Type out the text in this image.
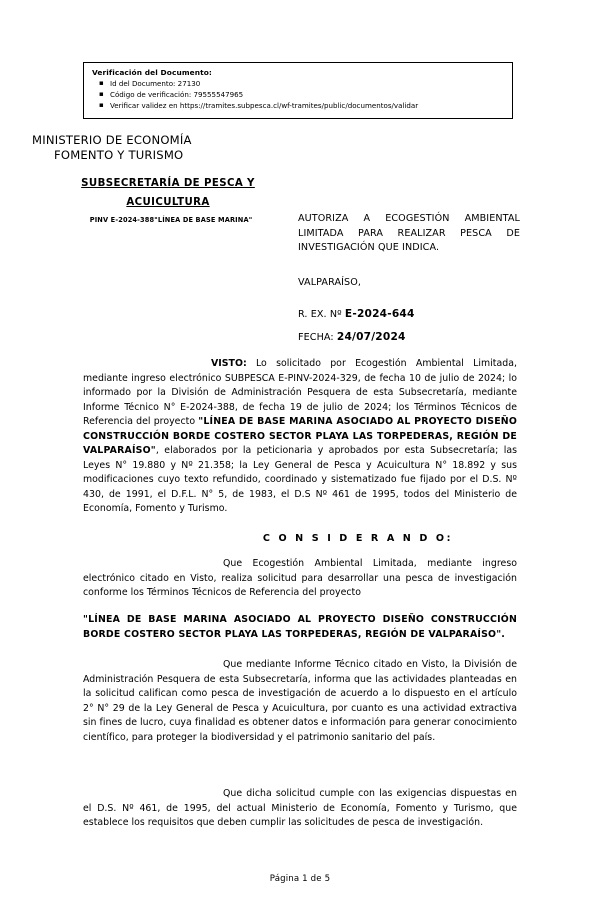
Verificación del Documento:
▪ Id del Documento: 27130
▪ Código de verificación: 79555547965
▪ Verificar validez en https://tramites.subpesca.cl/wf-tramites/public/documentos/validar
MINISTERIO DE ECONOMÍA
FOMENTO Y TURISMO
SUBSECRETARÍA DE PESCA Y
ACUICULTURA
PINV E-2024-388"LÍNEA DE BASE MARINA"	AUTORIZA A ECOGESTIÓN AMBIENTAL LIMITADA PARA REALIZAR PESCA DE INVESTIGACIÓN QUE INDICA.
VALPARAÍSO,
R. EX. Nº E-2024-644
FECHA: 24/07/2024
VISTO: Lo solicitado por Ecogestión Ambiental Limitada, mediante ingreso electrónico SUBPESCA E-PINV-2024-329, de fecha 10 de julio de 2024; lo informado por la División de Administración Pesquera de esta Subsecretaría, mediante Informe Técnico N° E-2024-388, de fecha 19 de julio de 2024; los Términos Técnicos de Referencia del proyecto "LÍNEA DE BASE MARINA ASOCIADO AL PROYECTO DISEÑO CONSTRUCCIÓN BORDE COSTERO SECTOR PLAYA LAS TORPEDERAS, REGIÓN DE VALPARAÍSO", elaborados por la peticionaria y aprobados por esta Subsecretaría; las Leyes N° 19.880 y Nº 21.358; la Ley General de Pesca y Acuicultura N° 18.892 y sus modificaciones cuyo texto refundido, coordinado y sistematizado fue fijado por el D.S. Nº 430, de 1991, el D.F.L. N° 5, de 1983, el D.S Nº 461 de 1995, todos del Ministerio de Economía, Fomento y Turismo.
C O N S I D E R A N D O:
Que Ecogestión Ambiental Limitada, mediante ingreso electrónico citado en Visto, realiza solicitud para desarrollar una pesca de investigación conforme los Términos Técnicos de Referencia del proyecto
"LÍNEA DE BASE MARINA ASOCIADO AL PROYECTO DISEÑO CONSTRUCCIÓN BORDE COSTERO SECTOR PLAYA LAS TORPEDERAS, REGIÓN DE VALPARAÍSO".
Que mediante Informe Técnico citado en Visto, la División de Administración Pesquera de esta Subsecretaría, informa que las actividades planteadas en la solicitud califican como pesca de investigación de acuerdo a lo dispuesto en el artículo 2° N° 29 de la Ley General de Pesca y Acuicultura, por cuanto es una actividad extractiva sin fines de lucro, cuya finalidad es obtener datos e información para generar conocimiento científico, para proteger la biodiversidad y el patrimonio sanitario del país.
Que dicha solicitud cumple con las exigencias dispuestas en el D.S. Nº 461, de 1995, del actual Ministerio de Economía, Fomento y Turismo, que establece los requisitos que deben cumplir las solicitudes de pesca de investigación.
Página 1 de 5
